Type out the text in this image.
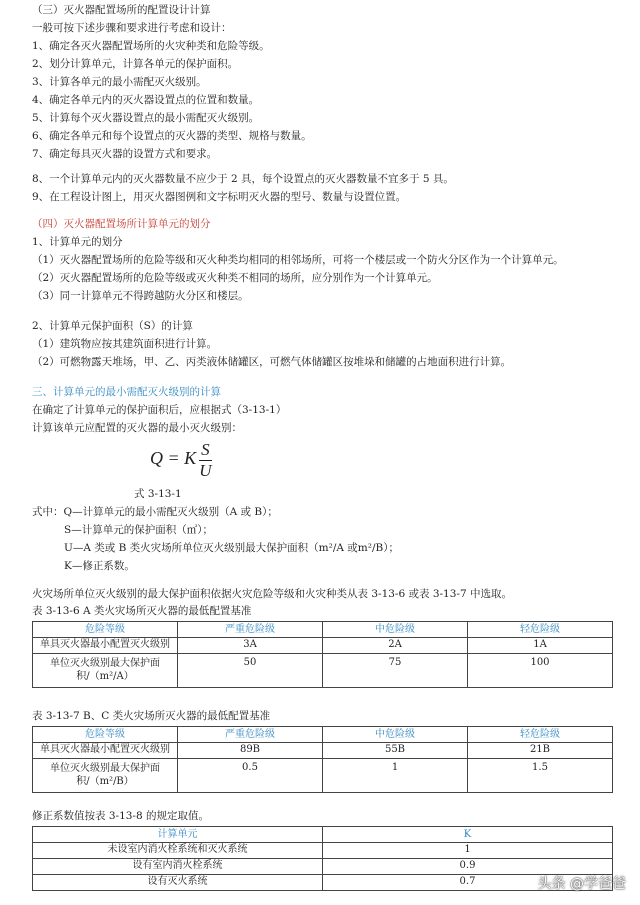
（三）灭火器配置场所的配置设计计算
一般可按下述步骤和要求进行考虑和设计：
1、确定各灭火器配置场所的火灾种类和危险等级。
2、划分计算单元，计算各单元的保护面积。
3、计算各单元的最小需配灭火级别。
4、确定各单元内的灭火器设置点的位置和数量。
5、计算每个灭火器设置点的最小需配灭火级别。
6、确定各单元和每个设置点的灭火器的类型、规格与数量。
7、确定每具灭火器的设置方式和要求。
8、一个计算单元内的灭火器数量不应少于 2 具，每个设置点的灭火器数量不宜多于 5 具。
9、在工程设计图上，用灭火器图例和文字标明灭火器的型号、数量与设置位置。
（四）灭火器配置场所计算单元的划分
1、计算单元的划分
（1）灭火器配置场所的危险等级和灭火种类均相同的相邻场所，可将一个楼层或一个防火分区作为一个计算单元。
（2）灭火器配置场所的危险等级或灭火种类不相同的场所，应分别作为一个计算单元。
（3）同一计算单元不得跨越防火分区和楼层。
2、计算单元保护面积（S）的计算
（1）建筑物应按其建筑面积进行计算。
（2）可燃物露天堆场，甲、乙、丙类液体储罐区，可燃气体储罐区按堆垛和储罐的占地面积进行计算。
三、计算单元的最小需配灭火级别的计算
在确定了计算单元的保护面积后，应根据式（3-13-1）
计算该单元应配置的灭火器的最小灭火级别：
Q = K $\frac{S}{U}$
式 3-13-1
式中：Q—计算单元的最小需配灭火级别（A 或 B）；
S—计算单元的保护面积（㎡）；
U—A 类或 B 类火灾场所单位灭火级别最大保护面积（m²/A 或m²/B）；
K—修正系数。
火灾场所单位灭火级别的最大保护面积依据火灾危险等级和火灾种类从表 3-13-6 或表 3-13-7 中选取。
表 3-13-6 A 类火灾场所灭火器的最低配置基准
危险等级	严重危险级	中危险级	轻危险级
单具灭火器最小配置灭火级别	3A	2A	1A
单位灭火级别最大保护面积/（m²/A）	50	75	100
表 3-13-7 B、C 类火灾场所灭火器的最低配置基准
危险等级	严重危险级	中危险级	轻危险级
单具灭火器最小配置灭火级别	89B	55B	21B
单位灭火级别最大保护面积/（m²/B）	0.5	1	1.5
修正系数值按表 3-13-8 的规定取值。
计算单元	K
未设室内消火栓系统和灭火系统	1
设有室内消火栓系统	0.9
设有灭火系统	0.7	头条 @学爸爸
